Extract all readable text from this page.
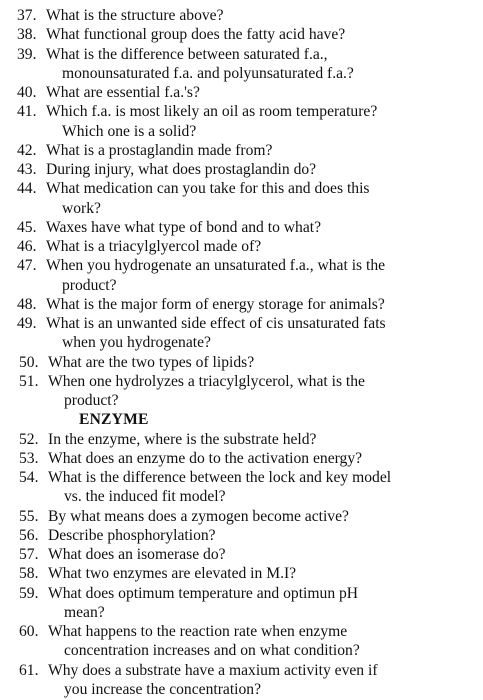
37. What is the structure above?
38. What functional group does the fatty acid have?
39. What is the difference between saturated f.a.,
monounsaturated f.a. and polyunsaturated f.a.?
40. What are essential f.a.'s?
41. Which f.a. is most likely an oil as room temperature?
Which one is a solid?
42. What is a prostaglandin made from?
43. During injury, what does prostaglandin do?
44. What medication can you take for this and does this
work?
45. Waxes have what type of bond and to what?
46. What is a triacylglyercol made of?
47. When you hydrogenate an unsaturated f.a., what is the
product?
48. What is the major form of energy storage for animals?
49. What is an unwanted side effect of cis unsaturated fats
when you hydrogenate?
50. What are the two types of lipids?
51. When one hydrolyzes a triacylglycerol, what is the
product?
ENZYME
52. In the enzyme, where is the substrate held?
53. What does an enzyme do to the activation energy?
54. What is the difference between the lock and key model
vs. the induced fit model?
55. By what means does a zymogen become active?
56. Describe phosphorylation?
57. What does an isomerase do?
58. What two enzymes are elevated in M.I?
59. What does optimum temperature and optimun pH
mean?
60. What happens to the reaction rate when enzyme
concentration increases and on what condition?
61. Why does a substrate have a maxium activity even if
you increase the concentration?
